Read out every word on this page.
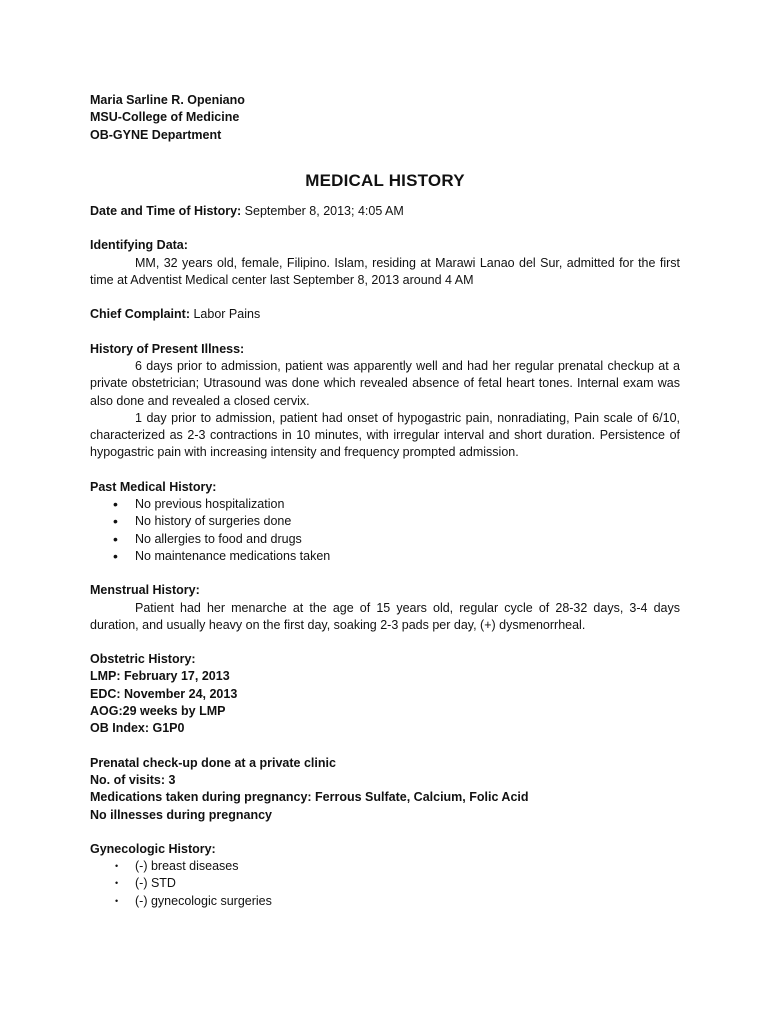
Maria Sarline R. Openiano
MSU-College of Medicine
OB-GYNE Department
MEDICAL HISTORY
Date and Time of History: September 8, 2013; 4:05 AM
Identifying Data:
MM, 32 years old, female, Filipino. Islam, residing at Marawi Lanao del Sur, admitted for the first time at Adventist Medical center last September 8, 2013 around 4 AM
Chief Complaint: Labor Pains
History of Present Illness:
6 days prior to admission, patient was apparently well and had her regular prenatal checkup at a private obstetrician; Utrasound was done which revealed absence of fetal heart tones. Internal exam was also done and revealed a closed cervix.
1 day prior to admission, patient had onset of hypogastric pain, nonradiating, Pain scale of 6/10, characterized as 2-3 contractions in 10 minutes, with irregular interval and short duration. Persistence of hypogastric pain with increasing intensity and frequency prompted admission.
Past Medical History:
• No previous hospitalization
• No history of surgeries done
• No allergies to food and drugs
• No maintenance medications taken
Menstrual History:
Patient had her menarche at the age of 15 years old, regular cycle of 28-32 days, 3-4 days duration, and usually heavy on the first day, soaking 2-3 pads per day, (+) dysmenorrheal.
Obstetric History:
LMP: February 17, 2013
EDC: November 24, 2013
AOG:29 weeks by LMP
OB Index: G1P0
Prenatal check-up done at a private clinic
No. of visits: 3
Medications taken during pregnancy: Ferrous Sulfate, Calcium, Folic Acid
No illnesses during pregnancy
Gynecologic History:
• (-) breast diseases
• (-) STD
• (-) gynecologic surgeries
